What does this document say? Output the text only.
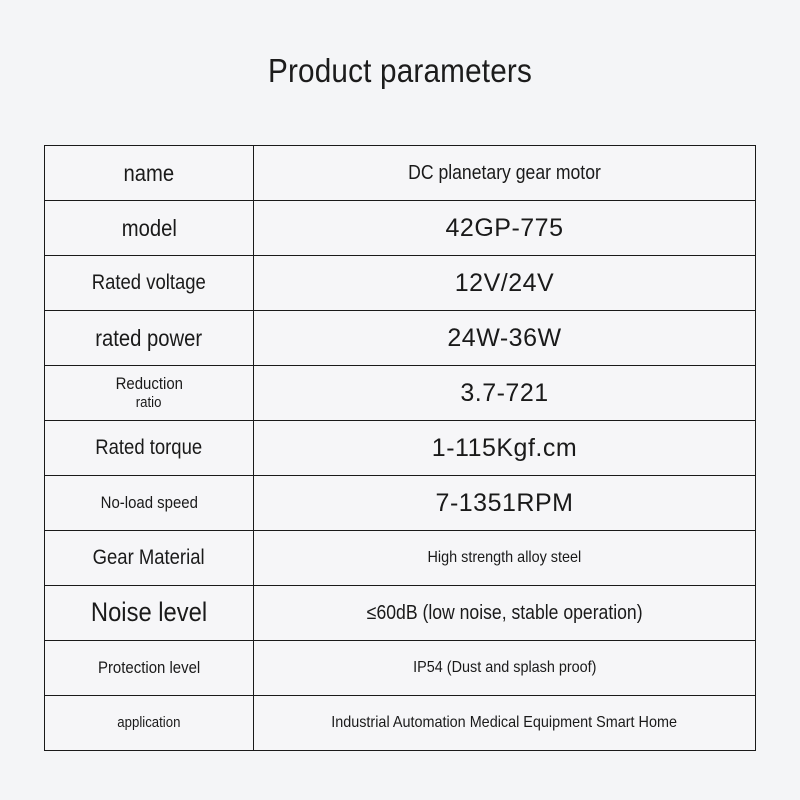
Product parameters
name	DC planetary gear motor
model	42GP-775
Rated voltage	12V/24V
rated power	24W-36W
Reduction
ratio	3.7-721
Rated torque	1-115Kgf.cm
No-load speed	7-1351RPM
Gear Material	High strength alloy steel
Noise level	≤60dB (low noise, stable operation)
Protection level	IP54 (Dust and splash proof)
application	Industrial Automation Medical Equipment Smart Home
